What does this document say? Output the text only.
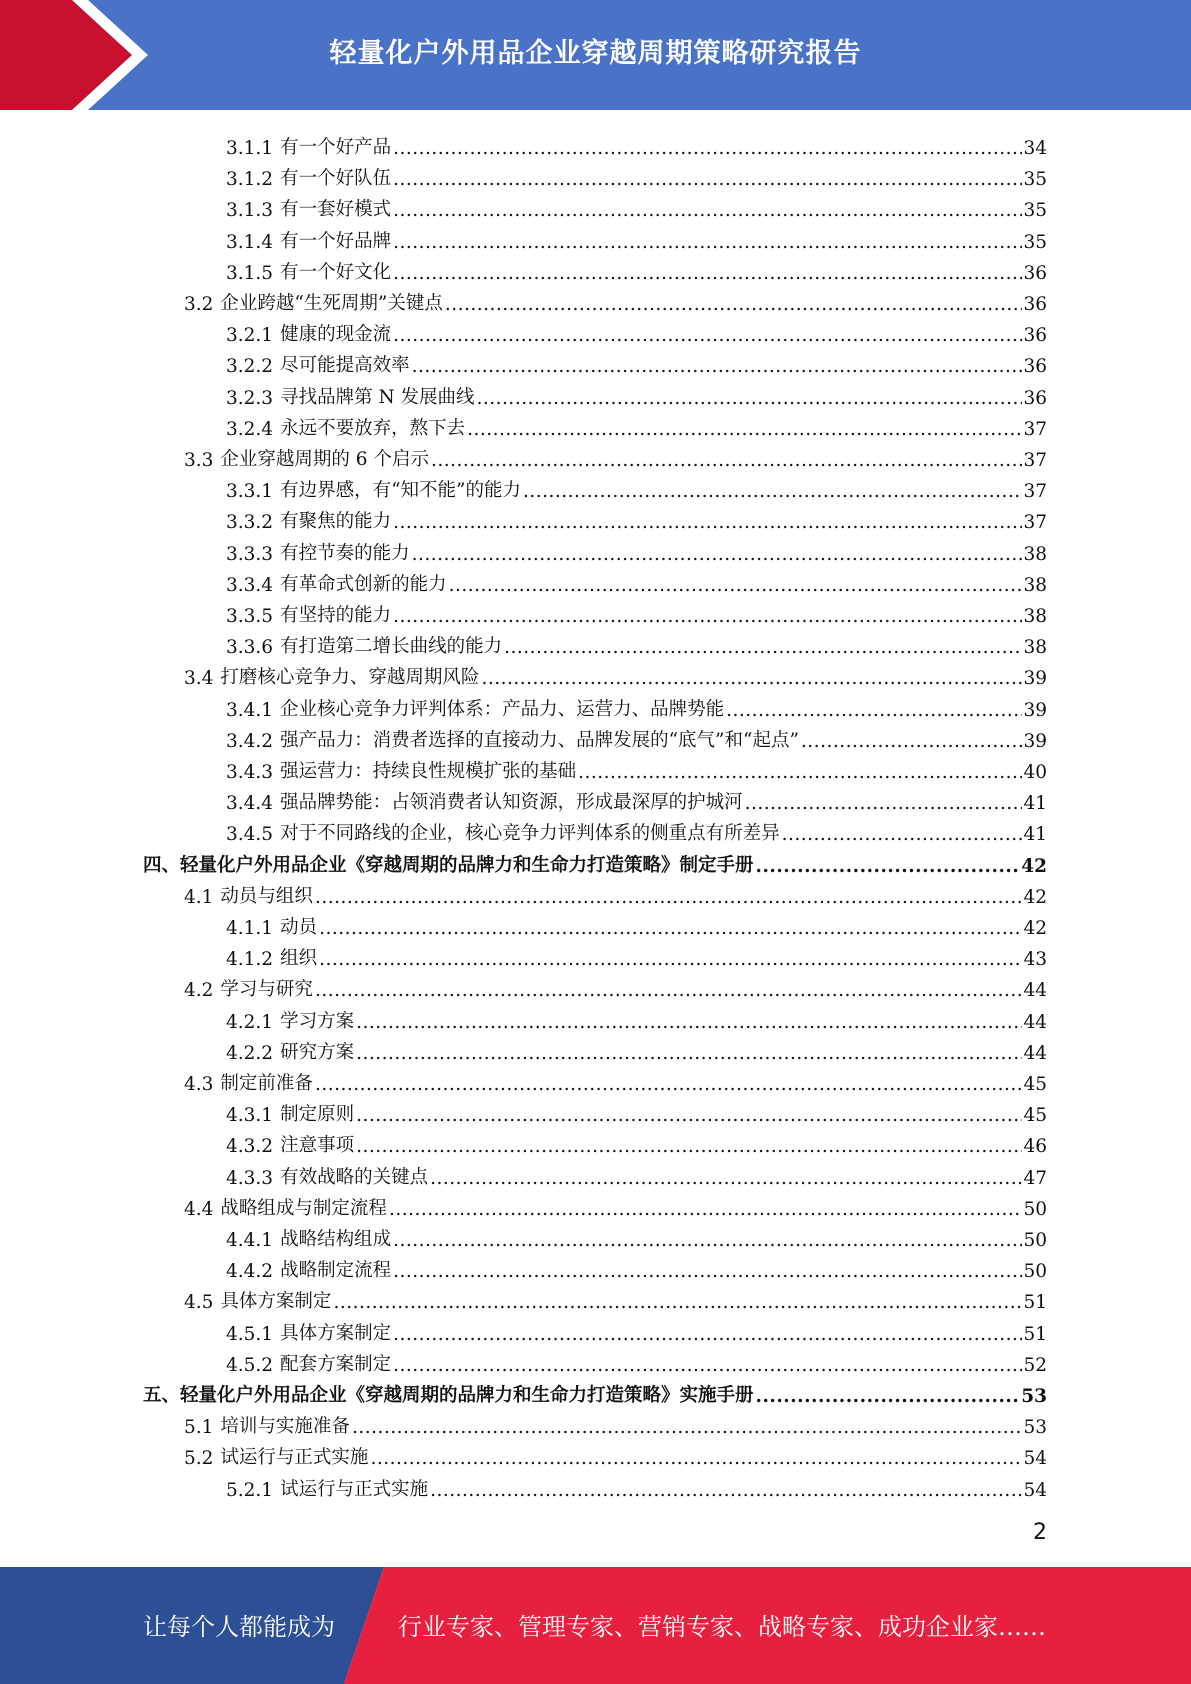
轻量化户外用品企业穿越周期策略研究报告
3.1.1 有一个好产品 .....	34
3.1.2 有一个好队伍 .....	35
3.1.3 有一套好模式 .....	35
3.1.4 有一个好品牌 .....	35
3.1.5 有一个好文化 .....	36
3.2 企业跨越“生死周期”关键点 .....	36
3.2.1 健康的现金流 .....	36
3.2.2 尽可能提高效率 .....	36
3.2.3 寻找品牌第 N 发展曲线 .....	36
3.2.4 永远不要放弃，熬下去 .....	37
3.3 企业穿越周期的 6 个启示 .....	37
3.3.1 有边界感，有“知不能”的能力 .....	37
3.3.2 有聚焦的能力 .....	37
3.3.3 有控节奏的能力 .....	38
3.3.4 有革命式创新的能力 .....	38
3.3.5 有坚持的能力 .....	38
3.3.6 有打造第二增长曲线的能力 .....	38
3.4 打磨核心竞争力、穿越周期风险 .....	39
3.4.1 企业核心竞争力评判体系：产品力、运营力、品牌势能 .....	39
3.4.2 强产品力：消费者选择的直接动力、品牌发展的“底气”和“起点” .....	39
3.4.3 强运营力：持续良性规模扩张的基础 .....	40
3.4.4 强品牌势能：占领消费者认知资源，形成最深厚的护城河 .....	41
3.4.5 对于不同路线的企业，核心竞争力评判体系的侧重点有所差异 .....	41
四、轻量化户外用品企业《穿越周期的品牌力和生命力打造策略》制定手册 .....	42
4.1 动员与组织 .....	42
4.1.1 动员 .....	42
4.1.2 组织 .....	43
4.2 学习与研究 .....	44
4.2.1 学习方案 .....	44
4.2.2 研究方案 .....	44
4.3 制定前准备 .....	45
4.3.1 制定原则 .....	45
4.3.2 注意事项 .....	46
4.3.3 有效战略的关键点 .....	47
4.4 战略组成与制定流程 .....	50
4.4.1 战略结构组成 .....	50
4.4.2 战略制定流程 .....	50
4.5 具体方案制定 .....	51
4.5.1 具体方案制定 .....	51
4.5.2 配套方案制定 .....	52
五、轻量化户外用品企业《穿越周期的品牌力和生命力打造策略》实施手册 .....	53
5.1 培训与实施准备 .....	53
5.2 试运行与正式实施 .....	54
5.2.1 试运行与正式实施 .....	54
2
让每个人都能成为	行业专家、管理专家、营销专家、战略专家、成功企业家……
